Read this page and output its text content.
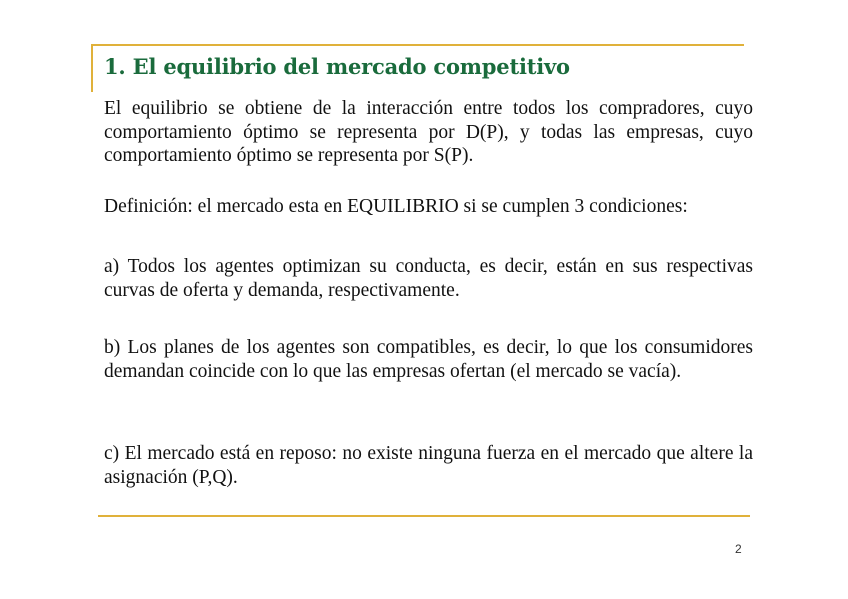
1. El equilibrio del mercado competitivo

El equilibrio se obtiene de la interacción entre todos los compradores, cuyo comportamiento óptimo se representa por D(P), y todas las empresas, cuyo comportamiento óptimo se representa por S(P).

Definición: el mercado esta en EQUILIBRIO si se cumplen 3 condiciones:

a) Todos los agentes optimizan su conducta, es decir, están en sus respectivas curvas de oferta y demanda, respectivamente.

b) Los planes de los agentes son compatibles, es decir, lo que los consumidores demandan coincide con lo que las empresas ofertan (el mercado se vacía).

c) El mercado está en reposo: no existe ninguna fuerza en el mercado que altere la asignación (P,Q).

2
